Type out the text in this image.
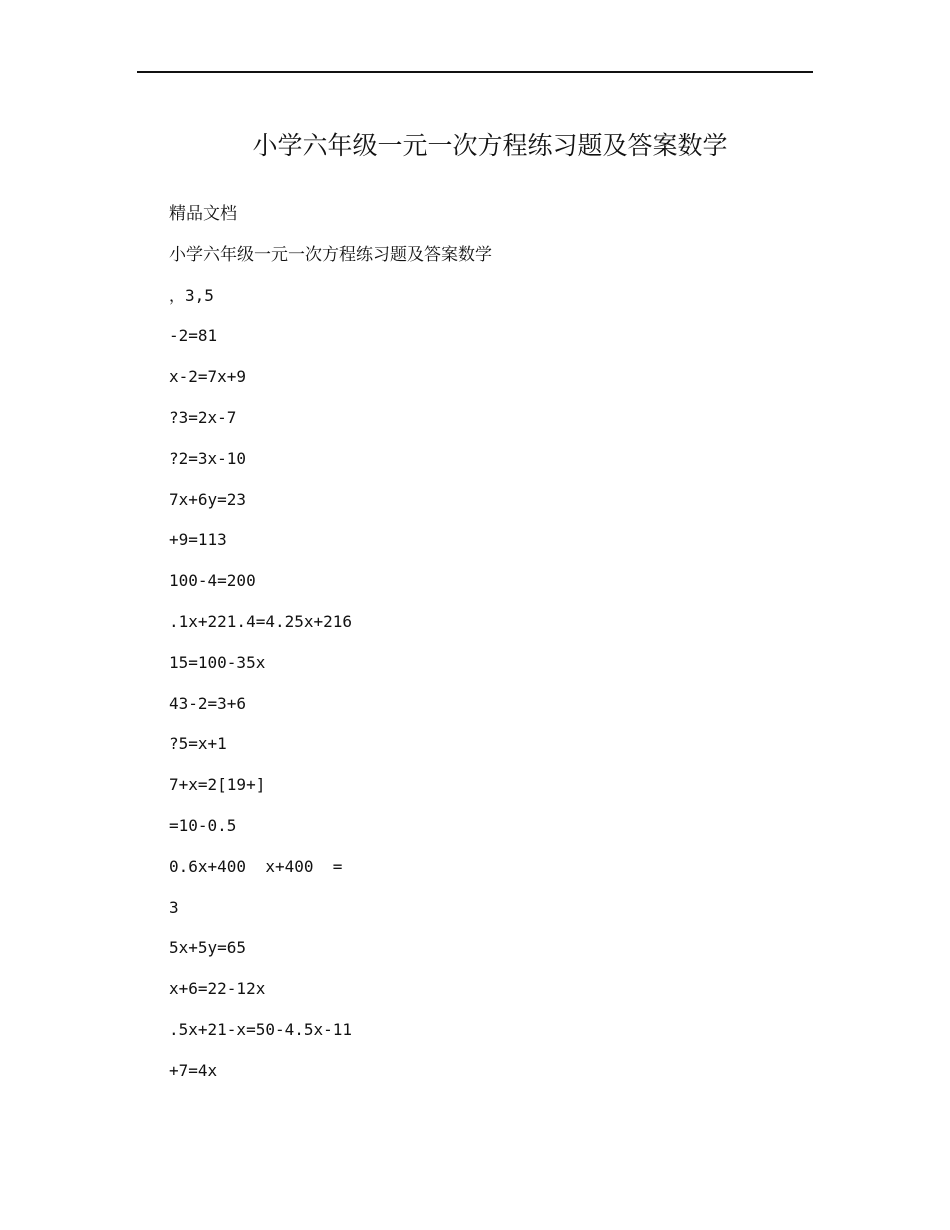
小学六年级一元一次方程练习题及答案数学
精品文档
小学六年级一元一次方程练习题及答案数学
，3,5
-2=81
x-2=7x+9
?3=2x-7
?2=3x-10
7x+6y=23
+9=113
100-4=200
.1x+221.4=4.25x+216
15=100-35x
43-2=3+6
?5=x+1
7+x=2[19+]
=10-0.5
0.6x+400  x+400  =
3
5x+5y=65
x+6=22-12x
.5x+21-x=50-4.5x-11
+7=4x
